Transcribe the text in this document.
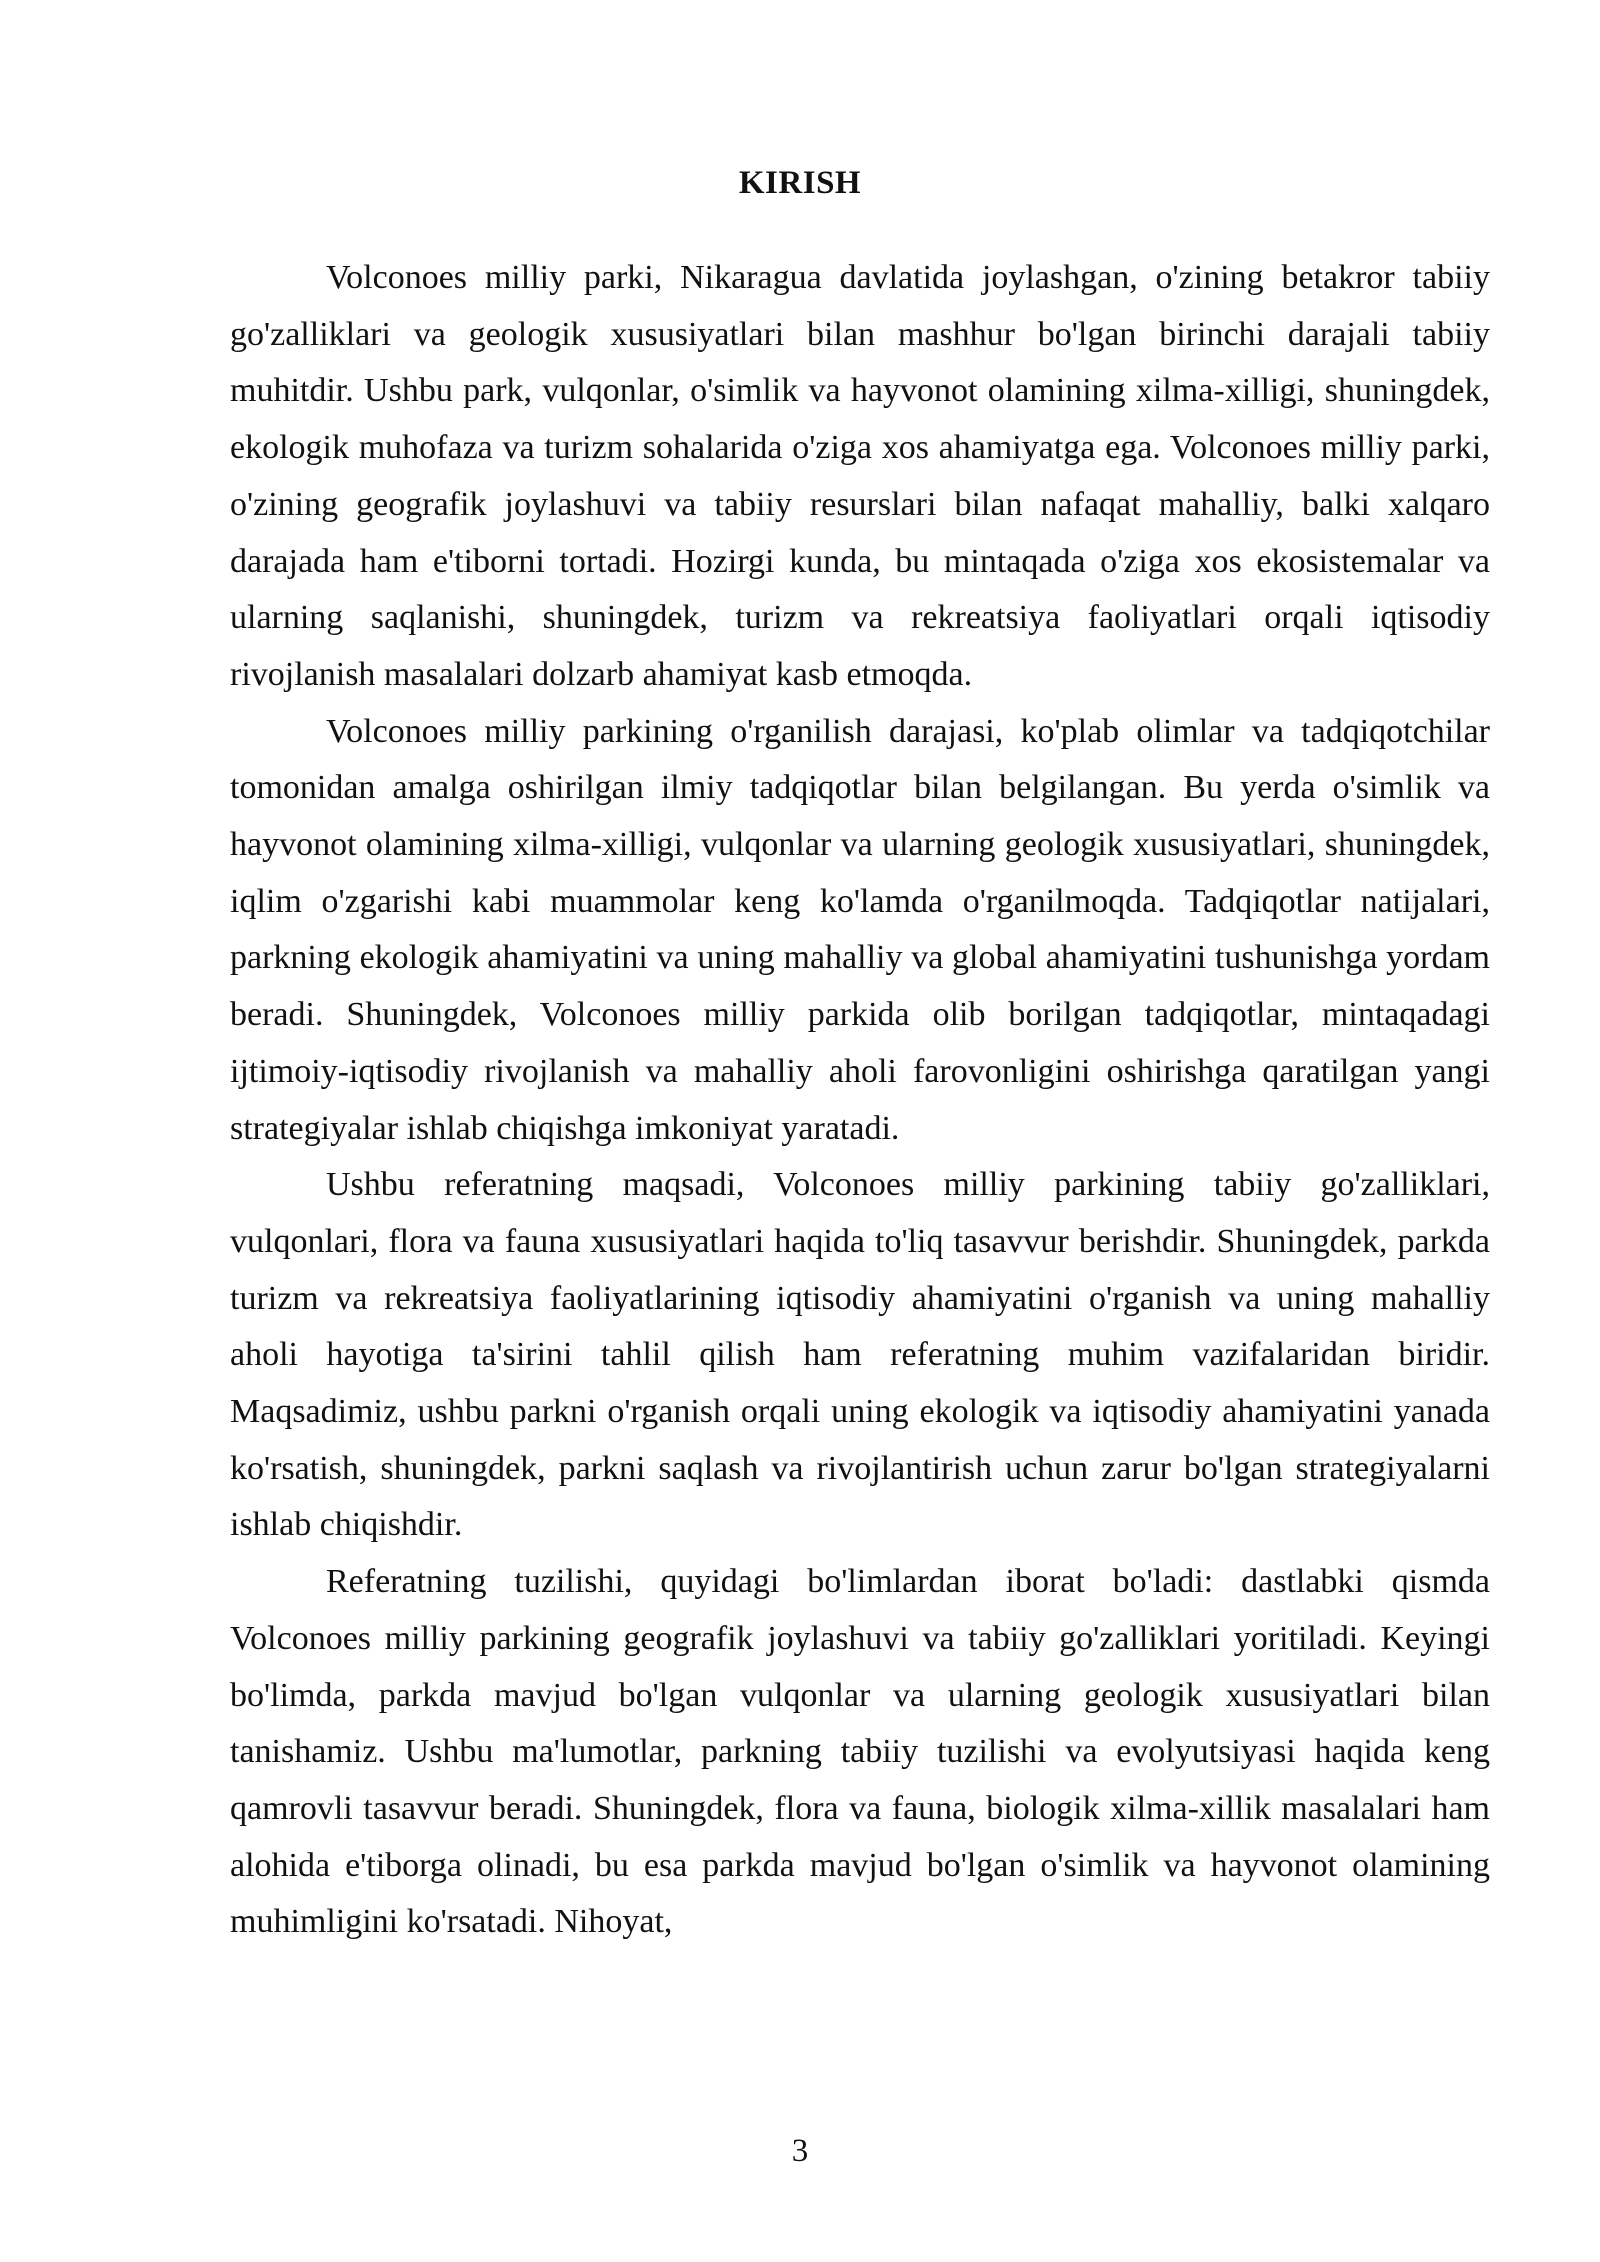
KIRISH

Volconoes milliy parki, Nikaragua davlatida joylashgan, o'zining betakror tabiiy go'zalliklari va geologik xususiyatlari bilan mashhur bo'lgan birinchi darajali tabiiy muhitdir. Ushbu park, vulqonlar, o'simlik va hayvonot olamining xilma-xilligi, shuningdek, ekologik muhofaza va turizm sohalarida o'ziga xos ahamiyatga ega. Volconoes milliy parki, o'zining geografik joylashuvi va tabiiy resurslari bilan nafaqat mahalliy, balki xalqaro darajada ham e'tiborni tortadi. Hozirgi kunda, bu mintaqada o'ziga xos ekosistemalar va ularning saqlanishi, shuningdek, turizm va rekreatsiya faoliyatlari orqali iqtisodiy rivojlanish masalalari dolzarb ahamiyat kasb etmoqda.

Volconoes milliy parkining o'rganilish darajasi, ko'plab olimlar va tadqiqotchilar tomonidan amalga oshirilgan ilmiy tadqiqotlar bilan belgilangan. Bu yerda o'simlik va hayvonot olamining xilma-xilligi, vulqonlar va ularning geologik xususiyatlari, shuningdek, iqlim o'zgarishi kabi muammolar keng ko'lamda o'rganilmoqda. Tadqiqotlar natijalari, parkning ekologik ahamiyatini va uning mahalliy va global ahamiyatini tushunishga yordam beradi. Shuningdek, Volconoes milliy parkida olib borilgan tadqiqotlar, mintaqadagi ijtimoiy-iqtisodiy rivojlanish va mahalliy aholi farovonligini oshirishga qaratilgan yangi strategiyalar ishlab chiqishga imkoniyat yaratadi.

Ushbu referatning maqsadi, Volconoes milliy parkining tabiiy go'zalliklari, vulqonlari, flora va fauna xususiyatlari haqida to'liq tasavvur berishdir. Shuningdek, parkda turizm va rekreatsiya faoliyatlarining iqtisodiy ahamiyatini o'rganish va uning mahalliy aholi hayotiga ta'sirini tahlil qilish ham referatning muhim vazifalaridan biridir. Maqsadimiz, ushbu parkni o'rganish orqali uning ekologik va iqtisodiy ahamiyatini yanada ko'rsatish, shuningdek, parkni saqlash va rivojlantirish uchun zarur bo'lgan strategiyalarni ishlab chiqishdir.

Referatning tuzilishi, quyidagi bo'limlardan iborat bo'ladi: dastlabki qismda Volconoes milliy parkining geografik joylashuvi va tabiiy go'zalliklari yoritiladi. Keyingi bo'limda, parkda mavjud bo'lgan vulqonlar va ularning geologik xususiyatlari bilan tanishamiz. Ushbu ma'lumotlar, parkning tabiiy tuzilishi va evolyutsiyasi haqida keng qamrovli tasavvur beradi. Shuningdek, flora va fauna, biologik xilma-xillik masalalari ham alohida e'tiborga olinadi, bu esa parkda mavjud bo'lgan o'simlik va hayvonot olamining muhimligini ko'rsatadi. Nihoyat,

3
